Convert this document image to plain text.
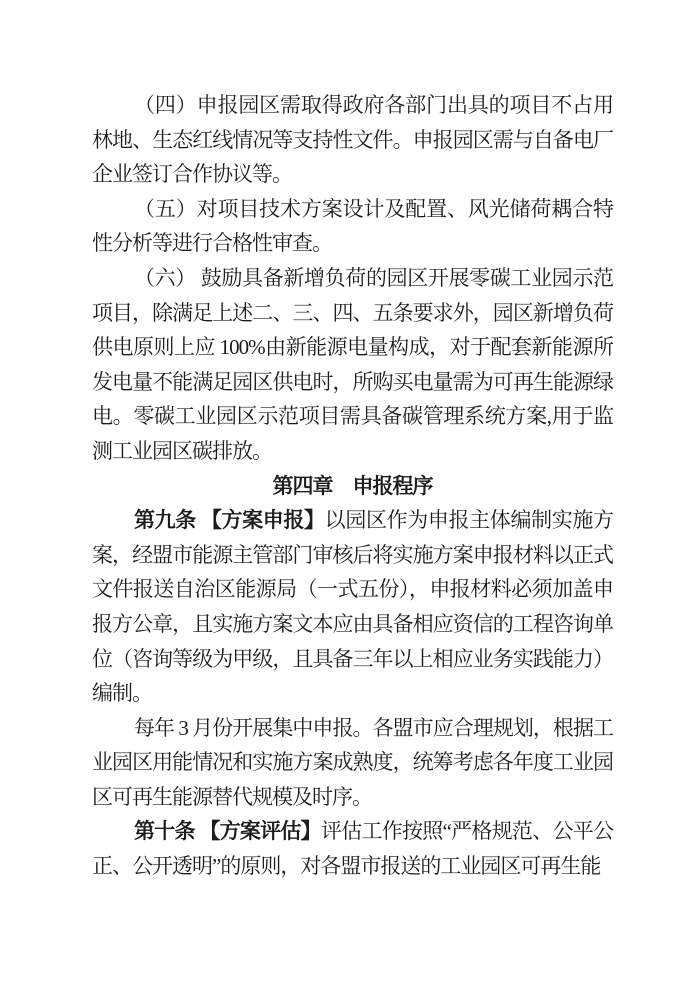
（四）申报园区需取得政府各部门出具的项目不占用林地、生态红线情况等支持性文件。申报园区需与自备电厂企业签订合作协议等。

（五）对项目技术方案设计及配置、风光储荷耦合特性分析等进行合格性审查。

（六） 鼓励具备新增负荷的园区开展零碳工业园示范项目，除满足上述二、三、四、五条要求外，园区新增负荷供电原则上应 100%由新能源电量构成，对于配套新能源所发电量不能满足园区供电时，所购买电量需为可再生能源绿电。零碳工业园区示范项目需具备碳管理系统方案,用于监测工业园区碳排放。

第四章　申报程序

第九条 【方案申报】以园区作为申报主体编制实施方案，经盟市能源主管部门审核后将实施方案申报材料以正式文件报送自治区能源局（一式五份），申报材料必须加盖申报方公章，且实施方案文本应由具备相应资信的工程咨询单位（咨询等级为甲级，且具备三年以上相应业务实践能力）编制。

每年 3 月份开展集中申报。各盟市应合理规划，根据工业园区用能情况和实施方案成熟度，统筹考虑各年度工业园区可再生能源替代规模及时序。

第十条 【方案评估】评估工作按照“严格规范、公平公正、公开透明”的原则，对各盟市报送的工业园区可再生能
